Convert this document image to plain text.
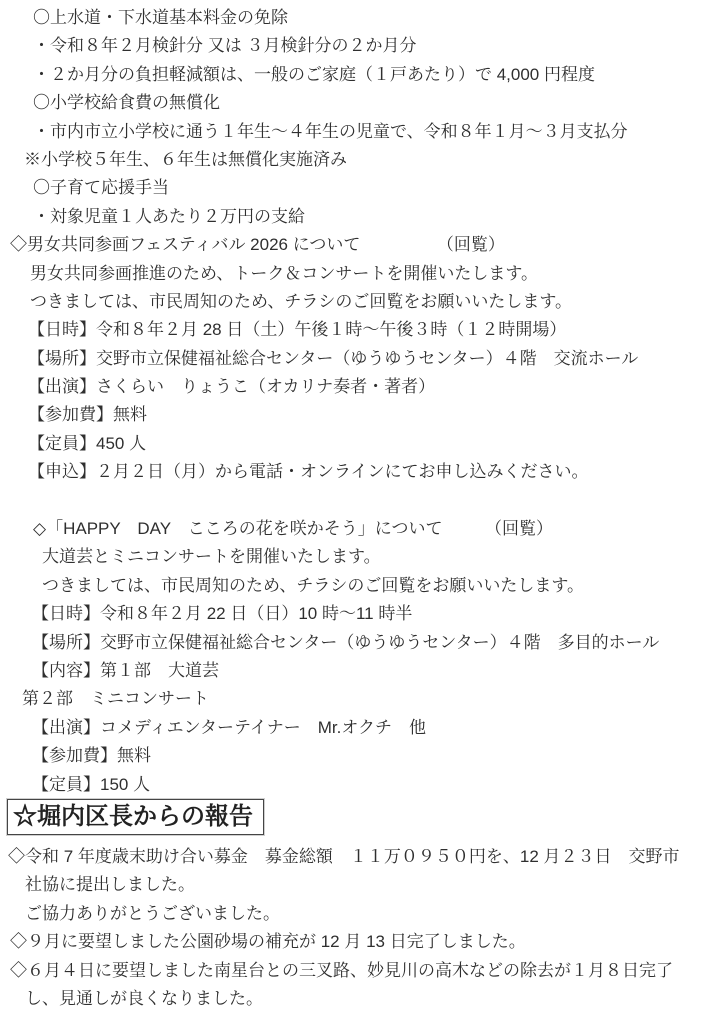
〇上水道・下水道基本料金の免除
・令和８年２月検針分 又は ３月検針分の２か月分
・２か月分の負担軽減額は、一般のご家庭（１戸あたり）で 4,000 円程度
〇小学校給食費の無償化
・市内市立小学校に通う１年生～４年生の児童で、令和８年１月～３月支払分
※小学校５年生、６年生は無償化実施済み
〇子育て応援手当
・対象児童１人あたり２万円の支給
◇男女共同参画フェスティバル 2026 について　　　　　（回覧）
男女共同参画推進のため、トーク＆コンサートを開催いたします。
つきましては、市民周知のため、チラシのご回覧をお願いいたします。
【日時】令和８年２月 28 日（土）午後１時～午後３時（１２時開場）
【場所】交野市立保健福祉総合センター（ゆうゆうセンター）４階　交流ホール
【出演】さくらい　りょうこ（オカリナ奏者・著者）
【参加費】無料
【定員】450 人
【申込】２月２日（月）から電話・オンラインにてお申し込みください。
◇「HAPPY　DAY　こころの花を咲かそう」について　　　（回覧）
大道芸とミニコンサートを開催いたします。
つきましては、市民周知のため、チラシのご回覧をお願いいたします。
【日時】令和８年２月 22 日（日）10 時～11 時半
【場所】交野市立保健福祉総合センター（ゆうゆうセンター）４階　多目的ホール
【内容】第１部　大道芸
第２部　ミニコンサート
【出演】コメディエンターテイナー　Mr.オクチ　他
【参加費】無料
【定員】150 人
☆堀内区長からの報告
◇令和 7 年度歳末助け合い募金　募金総額　１１万０９５０円を、12 月２３日　交野市
社協に提出しました。
ご協力ありがとうございました。
◇９月に要望しました公園砂場の補充が 12 月 13 日完了しました。
◇６月４日に要望しました南星台との三叉路、妙見川の高木などの除去が１月８日完了
し、見通しが良くなりました。
